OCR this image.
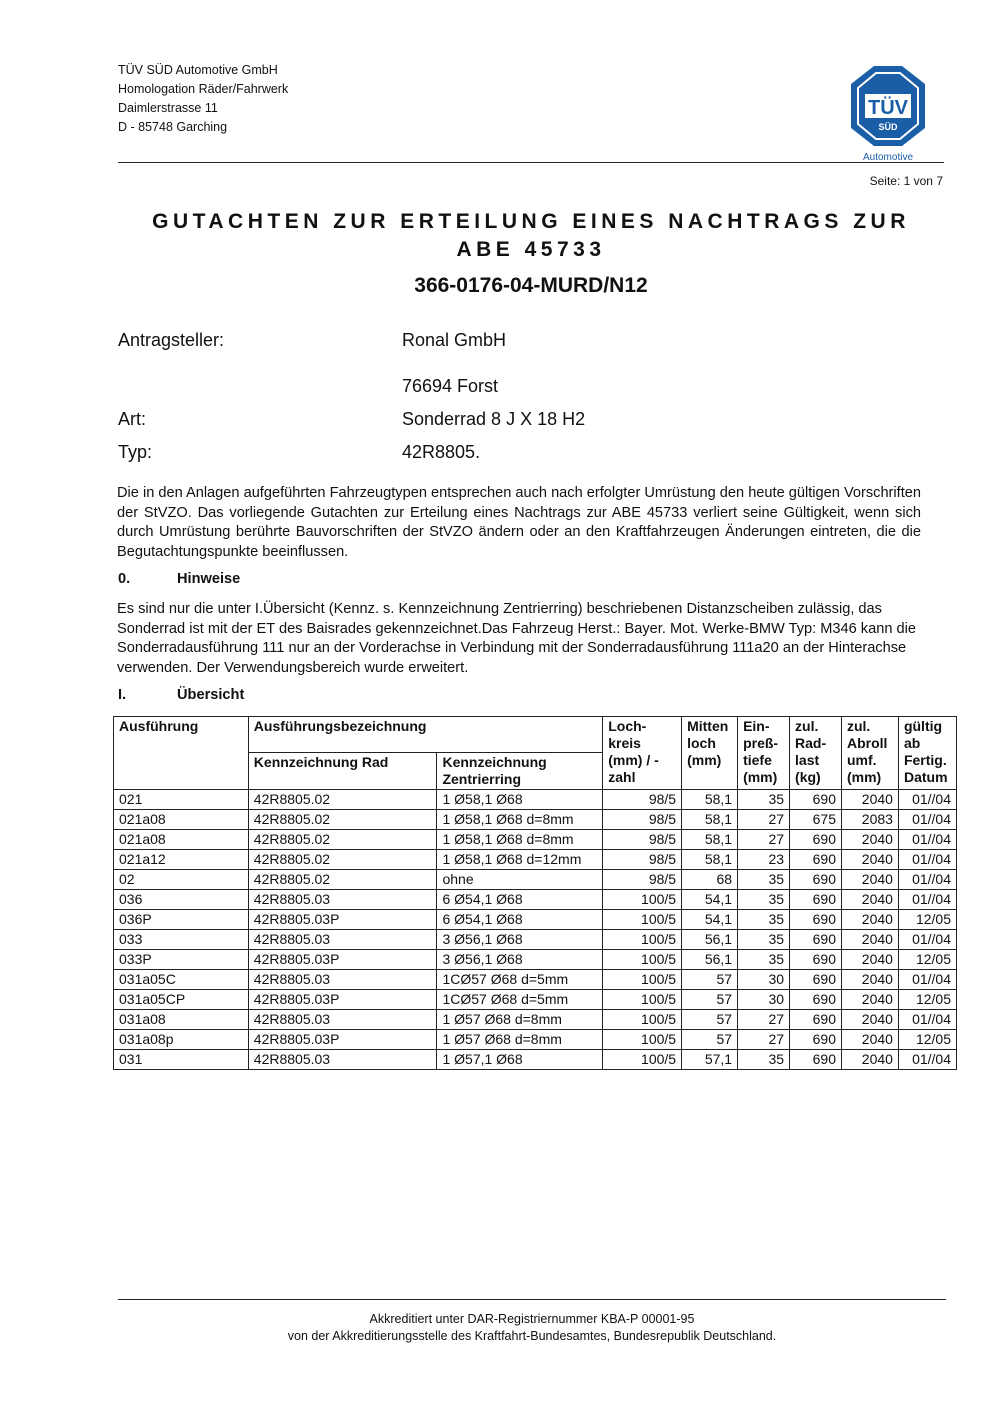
TÜV SÜD Automotive GmbH
Homologation Räder/Fahrwerk
Daimlerstrasse 11
D - 85748 Garching
TÜV
SÜD
Automotive
Seite: 1 von 7
GUTACHTEN ZUR ERTEILUNG EINES NACHTRAGS ZUR
ABE 45733
366-0176-04-MURD/N12
Antragsteller:	Ronal GmbH
76694 Forst
Art:	Sonderrad 8 J X 18 H2
Typ:	42R8805.
Die in den Anlagen aufgeführten Fahrzeugtypen entsprechen auch nach erfolgter Umrüstung den heute gültigen Vorschriften der StVZO. Das vorliegende Gutachten zur Erteilung eines Nachtrags zur ABE 45733 verliert seine Gültigkeit, wenn sich durch Umrüstung berührte Bauvorschriften der StVZO ändern oder an den Kraftfahrzeugen Änderungen eintreten, die die Begutachtungspunkte beeinflussen.
0.	Hinweise
Es sind nur die unter I.Übersicht (Kennz. s. Kennzeichnung Zentrierring) beschriebenen Distanzscheiben zulässig, das Sonderrad ist mit der ET des Baisrades gekennzeichnet.Das Fahrzeug Herst.: Bayer. Mot. Werke-BMW Typ: M346 kann die Sonderradausführung 111 nur an der Vorderachse in Verbindung mit der Sonderradausführung 111a20 an der Hinterachse verwenden. Der Verwendungsbereich wurde erweitert.
I.	Übersicht
Ausführung	Ausführungsbezeichnung		Loch-kreis (mm) / -zahl	Mitten loch (mm)	Ein-preß-tiefe (mm)	zul. Rad-last (kg)	zul. Abroll umf. (mm)	gültig ab Fertig. Datum
	Kennzeichnung Rad	Kennzeichnung Zentrierring						
021	42R8805.02	1 Ø58,1 Ø68	98/5	58,1	35	690	2040	01//04
021a08	42R8805.02	1 Ø58,1 Ø68 d=8mm	98/5	58,1	27	675	2083	01//04
021a08	42R8805.02	1 Ø58,1 Ø68 d=8mm	98/5	58,1	27	690	2040	01//04
021a12	42R8805.02	1 Ø58,1 Ø68 d=12mm	98/5	58,1	23	690	2040	01//04
02	42R8805.02	ohne	98/5	68	35	690	2040	01//04
036	42R8805.03	6 Ø54,1 Ø68	100/5	54,1	35	690	2040	01//04
036P	42R8805.03P	6 Ø54,1 Ø68	100/5	54,1	35	690	2040	12/05
033	42R8805.03	3 Ø56,1 Ø68	100/5	56,1	35	690	2040	01//04
033P	42R8805.03P	3 Ø56,1 Ø68	100/5	56,1	35	690	2040	12/05
031a05C	42R8805.03	1CØ57 Ø68 d=5mm	100/5	57	30	690	2040	01//04
031a05CP	42R8805.03P	1CØ57 Ø68 d=5mm	100/5	57	30	690	2040	12/05
031a08	42R8805.03	1 Ø57 Ø68 d=8mm	100/5	57	27	690	2040	01//04
031a08p	42R8805.03P	1 Ø57 Ø68 d=8mm	100/5	57	27	690	2040	12/05
031	42R8805.03	1 Ø57,1 Ø68	100/5	57,1	35	690	2040	01//04
Akkreditiert unter DAR-Registriernummer KBA-P 00001-95
von der Akkreditierungsstelle des Kraftfahrt-Bundesamtes, Bundesrepublik Deutschland.
